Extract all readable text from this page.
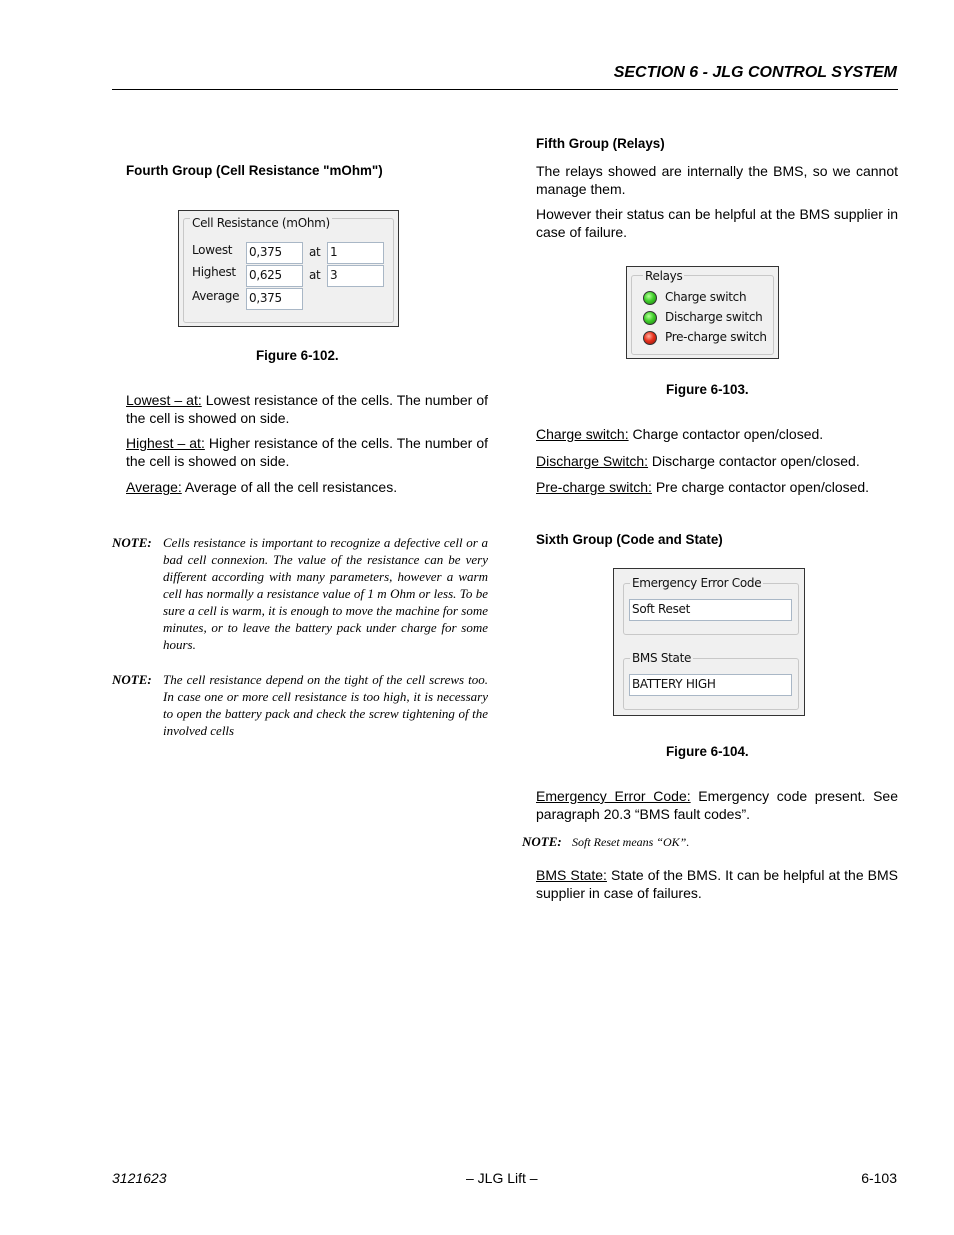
SECTION 6 - JLG CONTROL SYSTEM
Fourth Group (Cell Resistance "mOhm")
Cell Resistance (mOhm)
Lowest 0,375	at 1
Highest 0,625	at 3
Average 0,375
Figure 6-102.
Lowest – at: Lowest resistance of the cells. The number of the cell is showed on side.
Highest – at: Higher resistance of the cells. The number of the cell is showed on side.
Average: Average of all the cell resistances.
NOTE: Cells resistance is important to recognize a defective cell or a bad cell connexion. The value of the resistance can be very different according with many parameters, however a warm cell has normally a resistance value of 1 m Ohm or less. To be sure a cell is warm, it is enough to move the machine for some minutes, or to leave the battery pack under charge for some hours.
NOTE: The cell resistance depend on the tight of the cell screws too. In case one or more cell resistance is too high, it is necessary to open the battery pack and check the screw tightening of the involved cells
Fifth Group (Relays)
The relays showed are internally the BMS, so we cannot manage them.
However their status can be helpful at the BMS supplier in case of failure.
Relays
Charge switch
Discharge switch
Pre-charge switch
Figure 6-103.
Charge switch: Charge contactor open/closed.
Discharge Switch: Discharge contactor open/closed.
Pre-charge switch: Pre charge contactor open/closed.
Sixth Group (Code and State)
Emergency Error Code
Soft Reset
BMS State
BATTERY HIGH
Figure 6-104.
Emergency Error Code: Emergency code present. See paragraph 20.3 “BMS fault codes”.
NOTE: Soft Reset means “OK”.
BMS State: State of the BMS. It can be helpful at the BMS supplier in case of failures.
3121623	– JLG Lift –	6-103
